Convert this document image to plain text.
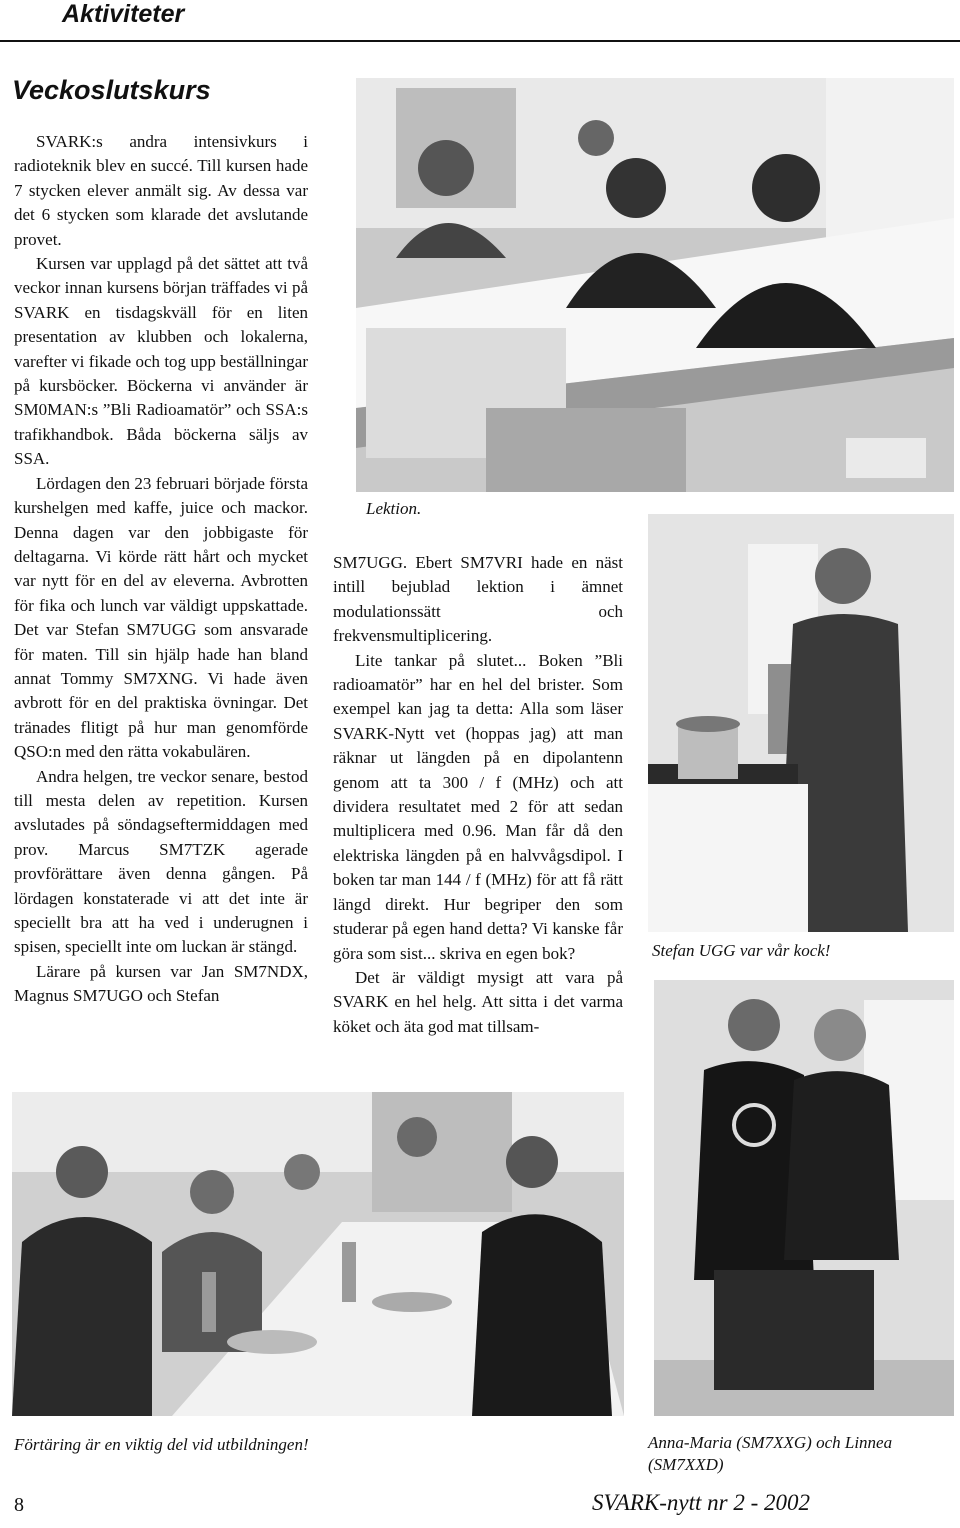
Aktiviteter
Veckoslutskurs

SVARK:s andra intensivkurs i radioteknik blev en succé. Till kursen hade 7 stycken elever anmält sig. Av dessa var det 6 stycken som klarade det avslutande provet.

Kursen var upplagd på det sättet att två veckor innan kursens början träffades vi på SVARK en tisdagskväll för en liten presentation av klubben och lokalerna, varefter vi fikade och tog upp beställningar på kursböcker. Böckerna vi använder är SM0MAN:s ”Bli Radioamatör” och SSA:s trafikhandbok. Båda böckerna säljs av SSA.

Lördagen den 23 februari började första kurshelgen med kaffe, juice och mackor. Denna dagen var den jobbigaste för deltagarna. Vi körde rätt hårt och mycket var nytt för en del av eleverna. Avbrotten för fika och lunch var väldigt uppskattade. Det var Stefan SM7UGG som ansvarade för maten. Till sin hjälp hade han bland annat Tommy SM7XNG. Vi hade även avbrott för en del praktiska övningar. Det tränades flitigt på hur man genomförde QSO:n med den rätta vokabulären.

Andra helgen, tre veckor senare, bestod till mesta delen av repetition. Kursen avslutades på söndagseftermiddagen med prov. Marcus SM7TZK agerade provförättare även denna gången. På lördagen konstaterade vi att det inte är speciellt bra att ha ved i underugnen i spisen, speciellt inte om luckan är stängd.

Lärare på kursen var Jan SM7NDX, Magnus SM7UGO och Stefan

SM7UGG. Ebert SM7VRI hade en näst intill bejublad lektion i ämnet modulationssätt och frekvensmultiplicering.

Lite tankar på slutet... Boken ”Bli radioamatör” har en hel del brister. Som exempel kan jag ta detta: Alla som läser SVARK-Nytt vet (hoppas jag) att man räknar ut längden på en dipolantenn genom att ta 300 / f (MHz) och att dividera resultatet med 2 för att sedan multiplicera med 0.96. Man får då den elektriska längden på en halvvågsdipol. I boken tar man 144 / f (MHz) för att få rätt längd direkt. Hur begriper den som studerar på egen hand detta? Vi kanske får göra som sist... skriva en egen bok?

Det är väldigt mysigt att vara på SVARK en hel helg. Att sitta i det varma köket och äta god mat tillsam-

Lektion.
Stefan UGG var vår kock!
Anna-Maria (SM7XXG) och Linnea (SM7XXD)
Förtäring är en viktig del vid utbildningen!
8	SVARK-nytt nr 2 - 2002
